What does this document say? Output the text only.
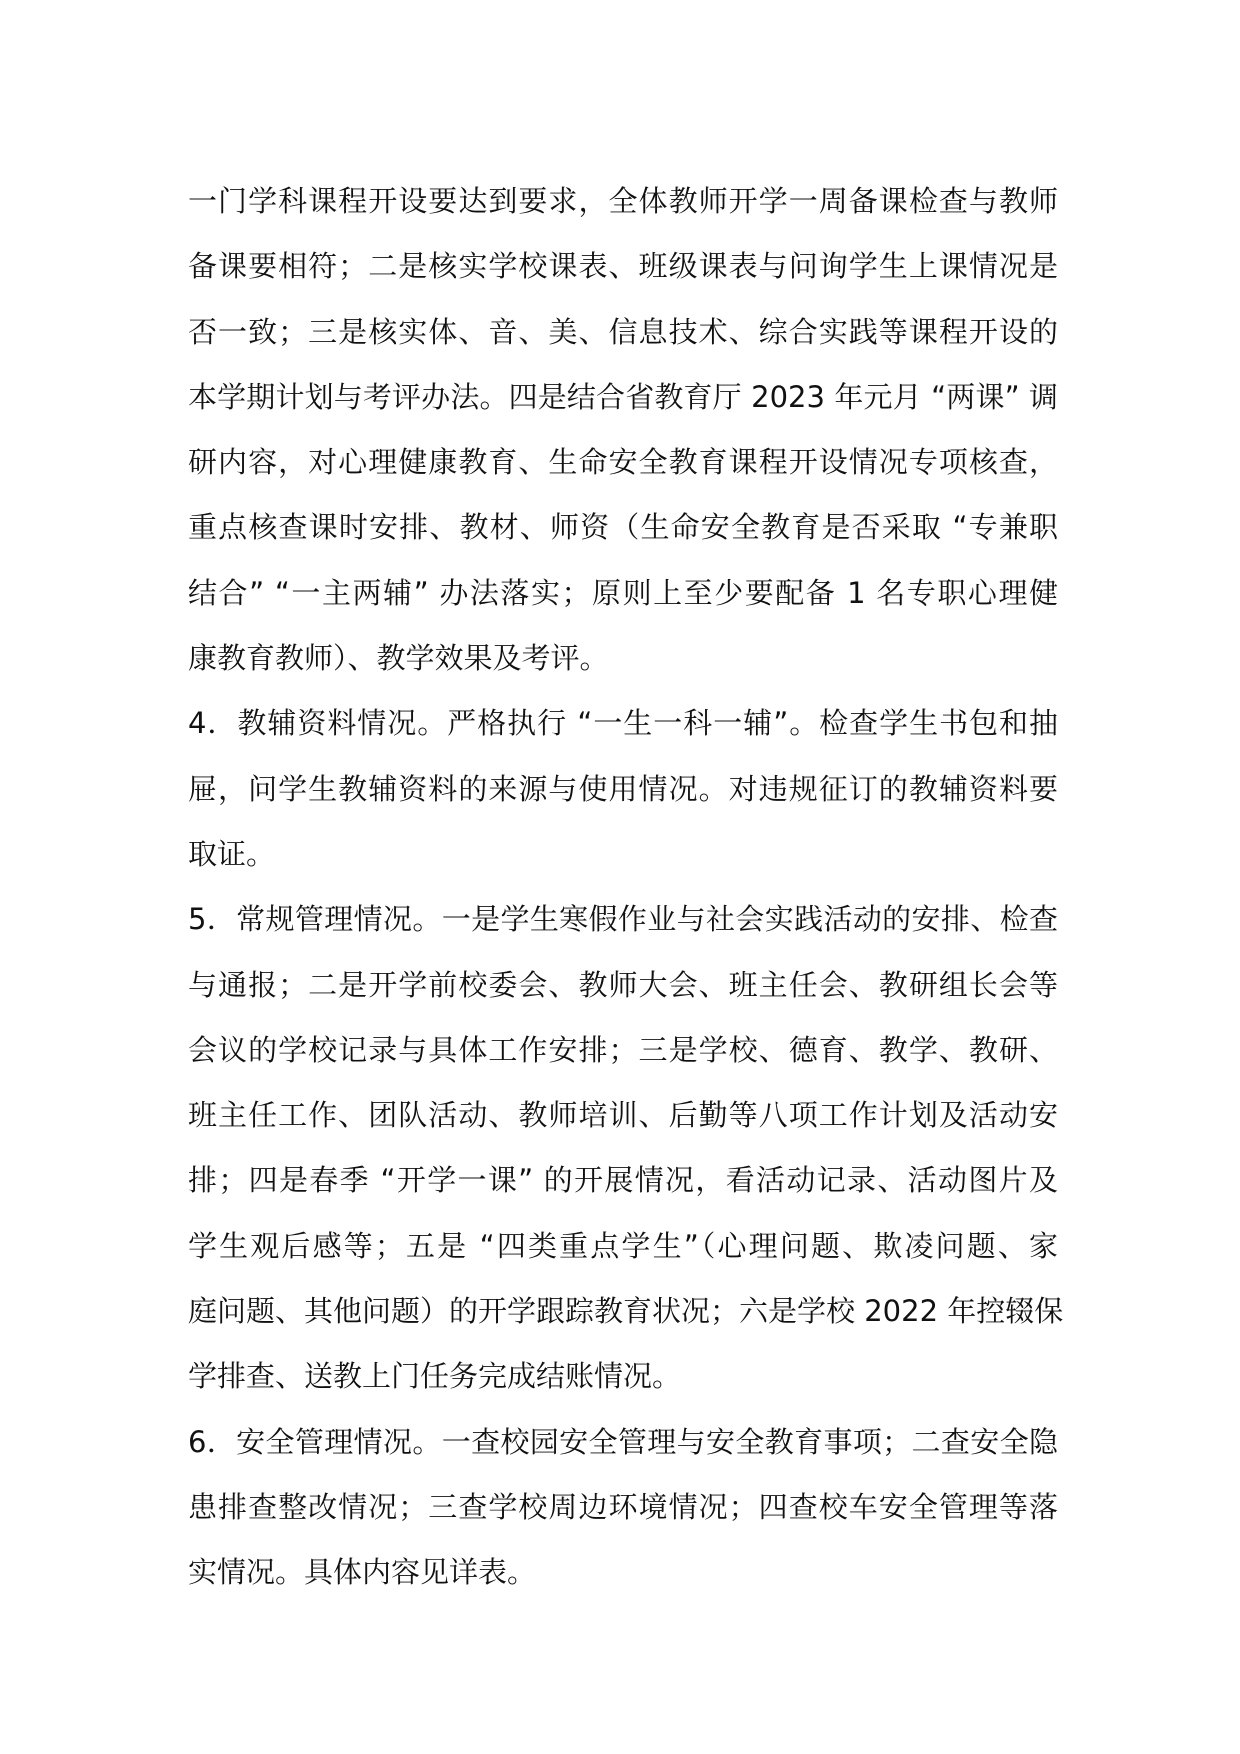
一门学科课程开设要达到要求，全体教师开学一周备课检查与教师
备课要相符；二是核实学校课表、班级课表与问询学生上课情况是
否一致；三是核实体、音、美、信息技术、综合实践等课程开设的
本学期计划与考评办法。四是结合省教育厅 2023 年元月 “两课” 调
研内容，对心理健康教育、生命安全教育课程开设情况专项核查，
重点核查课时安排、教材、师资（生命安全教育是否采取 “专兼职
结合” “一主两辅” 办法落实；原则上至少要配备 1 名专职心理健
康教育教师）、教学效果及考评。
4．教辅资料情况。严格执行 “一生一科一辅”。检查学生书包和抽
屉，问学生教辅资料的来源与使用情况。对违规征订的教辅资料要
取证。
5．常规管理情况。一是学生寒假作业与社会实践活动的安排、检查
与通报；二是开学前校委会、教师大会、班主任会、教研组长会等
会议的学校记录与具体工作安排；三是学校、德育、教学、教研、
班主任工作、团队活动、教师培训、后勤等八项工作计划及活动安
排；四是春季 “开学一课” 的开展情况，看活动记录、活动图片及
学生观后感等；五是 “四类重点学生”（心理问题、欺凌问题、家
庭问题、其他问题）的开学跟踪教育状况；六是学校 2022 年控辍保
学排查、送教上门任务完成结账情况。
6．安全管理情况。一查校园安全管理与安全教育事项；二查安全隐
患排查整改情况；三查学校周边环境情况；四查校车安全管理等落
实情况。具体内容见详表。
